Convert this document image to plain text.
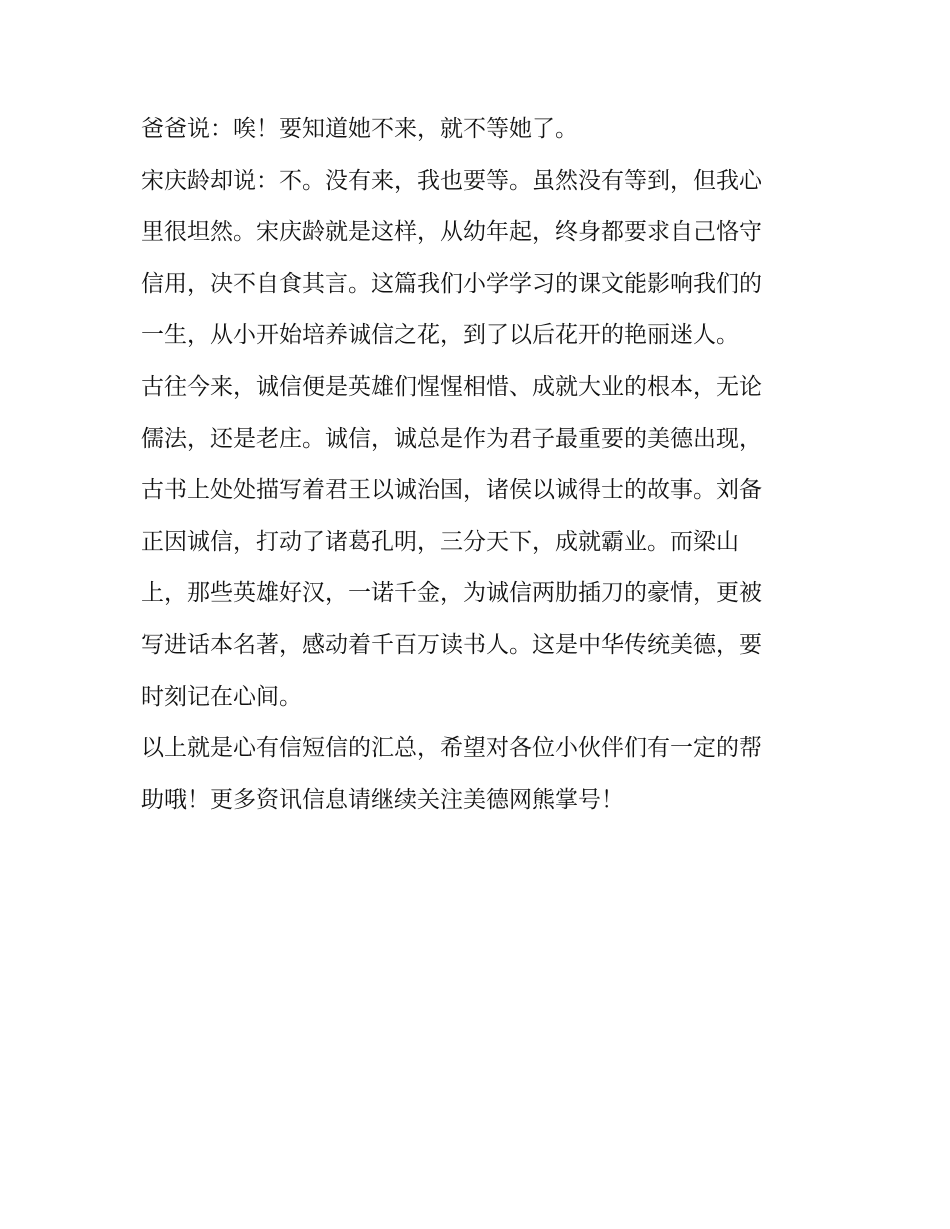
爸爸说：唉！要知道她不来，就不等她了。
宋庆龄却说：不。没有来，我也要等。虽然没有等到，但我心
里很坦然。宋庆龄就是这样，从幼年起，终身都要求自己恪守
信用，决不自食其言。这篇我们小学学习的课文能影响我们的
一生，从小开始培养诚信之花，到了以后花开的艳丽迷人。
古往今来，诚信便是英雄们惺惺相惜、成就大业的根本，无论
儒法，还是老庄。诚信，诚总是作为君子最重要的美德出现，
古书上处处描写着君王以诚治国，诸侯以诚得士的故事。刘备
正因诚信，打动了诸葛孔明，三分天下，成就霸业。而梁山
上，那些英雄好汉，一诺千金，为诚信两肋插刀的豪情，更被
写进话本名著，感动着千百万读书人。这是中华传统美德，要
时刻记在心间。
以上就是心有信短信的汇总，希望对各位小伙伴们有一定的帮
助哦！更多资讯信息请继续关注美德网熊掌号！
